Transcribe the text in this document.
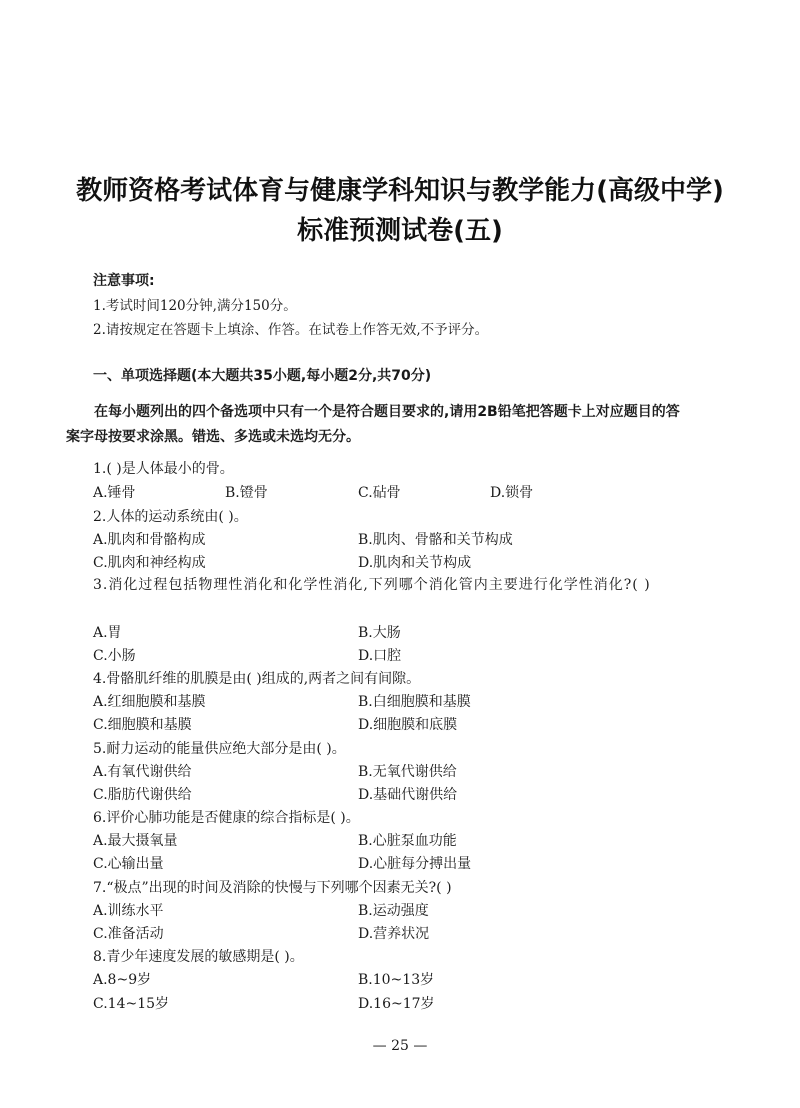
教师资格考试体育与健康学科知识与教学能力(高级中学)
标准预测试卷(五)
注意事项:
1.考试时间120分钟,满分150分。
2.请按规定在答题卡上填涂、作答。在试卷上作答无效,不予评分。
一、单项选择题(本大题共35小题,每小题2分,共70分)
在每小题列出的四个备选项中只有一个是符合题目要求的,请用2B铅笔把答题卡上对应题目的答案字母按要求涂黑。错选、多选或未选均无分。
1.( )是人体最小的骨。
A.锤骨	B.镫骨	C.砧骨	D.锁骨
2.人体的运动系统由( )。
A.肌肉和骨骼构成	B.肌肉、骨骼和关节构成
C.肌肉和神经构成	D.肌肉和关节构成
3.消化过程包括物理性消化和化学性消化,下列哪个消化管内主要进行化学性消化?( )
A.胃	B.大肠
C.小肠	D.口腔
4.骨骼肌纤维的肌膜是由( )组成的,两者之间有间隙。
A.红细胞膜和基膜	B.白细胞膜和基膜
C.细胞膜和基膜	D.细胞膜和底膜
5.耐力运动的能量供应绝大部分是由( )。
A.有氧代谢供给	B.无氧代谢供给
C.脂肪代谢供给	D.基础代谢供给
6.评价心肺功能是否健康的综合指标是( )。
A.最大摄氧量	B.心脏泵血功能
C.心输出量	D.心脏每分搏出量
7.“极点”出现的时间及消除的快慢与下列哪个因素无关?( )
A.训练水平	B.运动强度
C.准备活动	D.营养状况
8.青少年速度发展的敏感期是( )。
A.8~9岁	B.10~13岁
C.14~15岁	D.16~17岁
— 25 —
